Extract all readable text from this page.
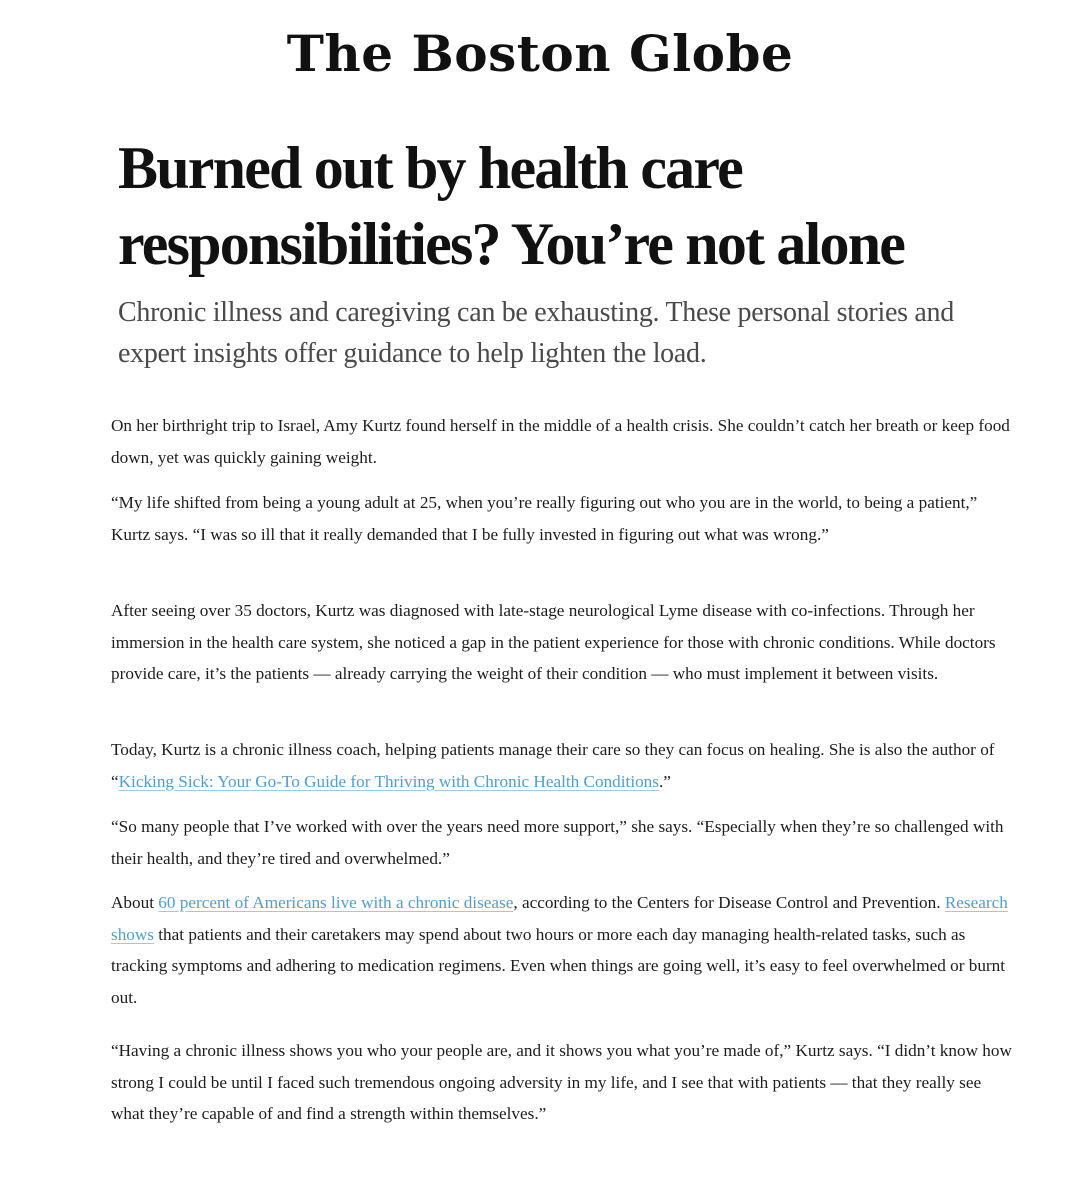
The Boston Globe
Burned out by health care responsibilities? You’re not alone

Chronic illness and caregiving can be exhausting. These personal stories and expert insights offer guidance to help lighten the load.

On her birthright trip to Israel, Amy Kurtz found herself in the middle of a health crisis. She couldn’t catch her breath or keep food down, yet was quickly gaining weight.

“My life shifted from being a young adult at 25, when you’re really figuring out who you are in the world, to being a patient,” Kurtz says. “I was so ill that it really demanded that I be fully invested in figuring out what was wrong.”

After seeing over 35 doctors, Kurtz was diagnosed with late-stage neurological Lyme disease with co-infections. Through her immersion in the health care system, she noticed a gap in the patient experience for those with chronic conditions. While doctors provide care, it’s the patients — already carrying the weight of their condition — who must implement it between visits.

Today, Kurtz is a chronic illness coach, helping patients manage their care so they can focus on healing. She is also the author of “Kicking Sick: Your Go-To Guide for Thriving with Chronic Health Conditions.”

“So many people that I’ve worked with over the years need more support,” she says. “Especially when they’re so challenged with their health, and they’re tired and overwhelmed.”

About 60 percent of Americans live with a chronic disease, according to the Centers for Disease Control and Prevention. Research shows that patients and their caretakers may spend about two hours or more each day managing health-related tasks, such as tracking symptoms and adhering to medication regimens. Even when things are going well, it’s easy to feel overwhelmed or burnt out.

“Having a chronic illness shows you who your people are, and it shows you what you’re made of,” Kurtz says. “I didn’t know how strong I could be until I faced such tremendous ongoing adversity in my life, and I see that with patients — that they really see what they’re capable of and find a strength within themselves.”
